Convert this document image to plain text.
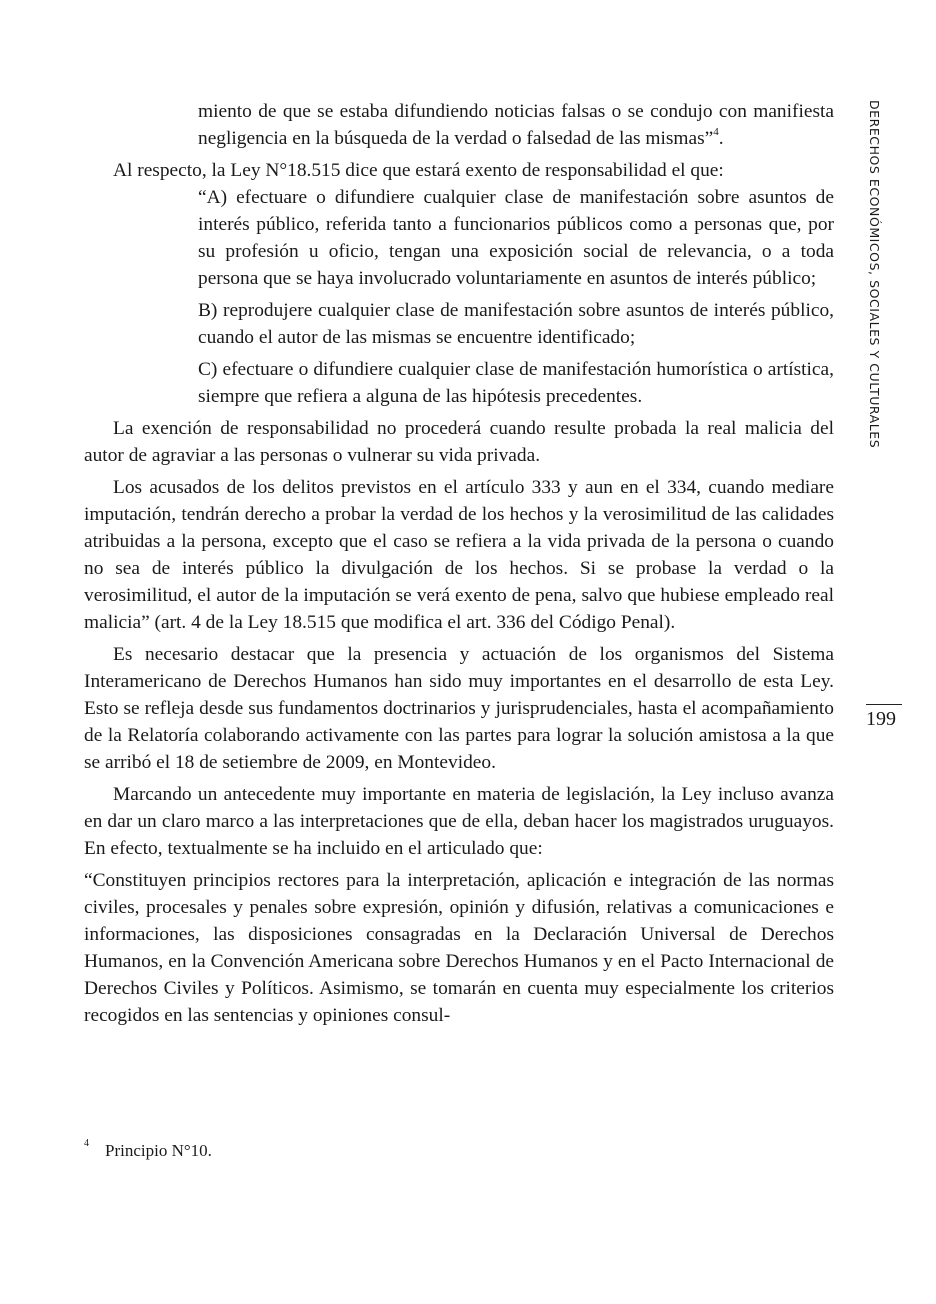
miento de que se estaba difundiendo noticias falsas o se condujo con manifiesta negligencia en la búsqueda de la verdad o falsedad de las mismas”$^4$.

Al respecto, la Ley N°18.515 dice que estará exento de responsabilidad el que:

“A) efectuare o difundiere cualquier clase de manifestación sobre asuntos de interés público, referida tanto a funcionarios públicos como a personas que, por su profesión u oficio, tengan una exposición social de relevancia, o a toda persona que se haya involucrado voluntariamente en asuntos de interés público;

B) reprodujere cualquier clase de manifestación sobre asuntos de interés público, cuando el autor de las mismas se encuentre identificado;

C) efectuare o difundiere cualquier clase de manifestación humorística o artística, siempre que refiera a alguna de las hipótesis precedentes.

La exención de responsabilidad no procederá cuando resulte probada la real malicia del autor de agraviar a las personas o vulnerar su vida privada.

Los acusados de los delitos previstos en el artículo 333 y aun en el 334, cuando mediare imputación, tendrán derecho a probar la verdad de los hechos y la verosimilitud de las calidades atribuidas a la persona, excepto que el caso se refiera a la vida privada de la persona o cuando no sea de interés público la divulgación de los hechos. Si se probase la verdad o la verosimilitud, el autor de la imputación se verá exento de pena, salvo que hubiese empleado real malicia” (art. 4 de la Ley 18.515 que modifica el art. 336 del Código Penal).

Es necesario destacar que la presencia y actuación de los organismos del Sistema Interamericano de Derechos Humanos han sido muy importantes en el desarrollo de esta Ley. Esto se refleja desde sus fundamentos doctrinarios y jurisprudenciales, hasta el acompañamiento de la Relatoría colaborando activamente con las partes para lograr la solución amistosa a la que se arribó el 18 de setiembre de 2009, en Montevideo.

Marcando un antecedente muy importante en materia de legislación, la Ley incluso avanza en dar un claro marco a las interpretaciones que de ella, deban hacer los magistrados uruguayos. En efecto, textualmente se ha incluido en el articulado que:

“Constituyen principios rectores para la interpretación, aplicación e integración de las normas civiles, procesales y penales sobre expresión, opinión y difusión, relativas a comunicaciones e informaciones, las disposiciones consagradas en la Declaración Universal de Derechos Humanos, en la Convención Americana sobre Derechos Humanos y en el Pacto Internacional de Derechos Civiles y Políticos. Asimismo, se tomarán en cuenta muy especialmente los criterios recogidos en las sentencias y opiniones consul-

DERECHOS ECONÓMICOS, SOCIALES Y CULTURALES
199
$^4$ Principio N°10.
